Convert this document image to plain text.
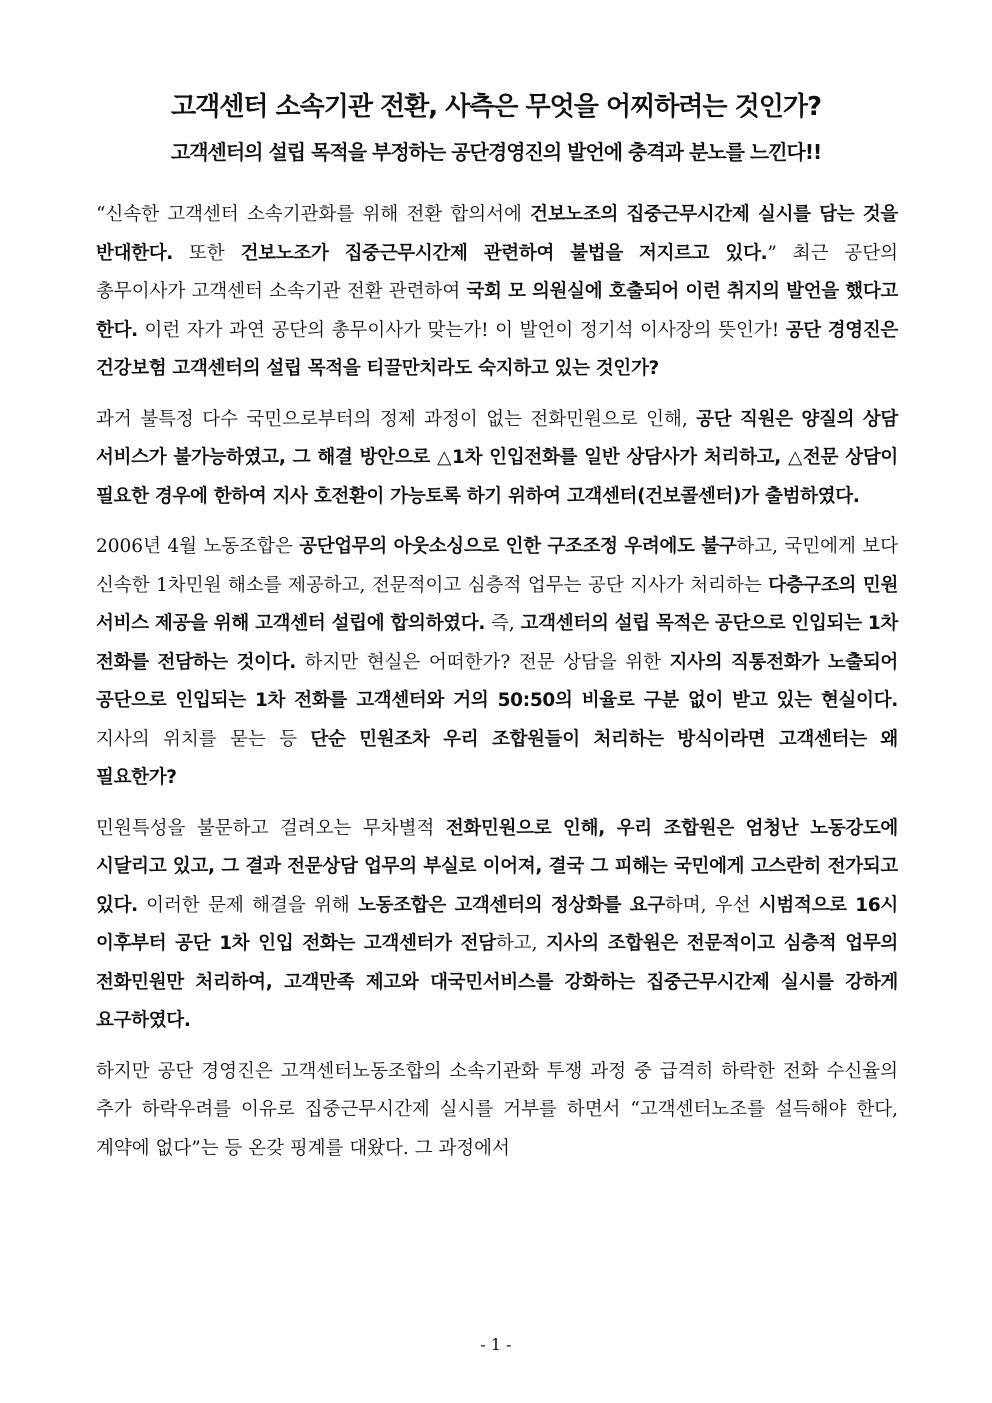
고객센터 소속기관 전환, 사측은 무엇을 어찌하려는 것인가?
고객센터의 설립 목적을 부정하는 공단경영진의 발언에 충격과 분노를 느낀다!!

“신속한 고객센터 소속기관화를 위해 전환 합의서에 건보노조의 집중근무시간제 실시를 담는 것을 반대한다. 또한 건보노조가 집중근무시간제 관련하여 불법을 저지르고 있다.” 최근 공단의 총무이사가 고객센터 소속기관 전환 관련하여 국회 모 의원실에 호출되어 이런 취지의 발언을 했다고 한다. 이런 자가 과연 공단의 총무이사가 맞는가! 이 발언이 정기석 이사장의 뜻인가! 공단 경영진은 건강보험 고객센터의 설립 목적을 티끌만치라도 숙지하고 있는 것인가?

과거 불특정 다수 국민으로부터의 정제 과정이 없는 전화민원으로 인해, 공단 직원은 양질의 상담 서비스가 불가능하였고, 그 해결 방안으로 △1차 인입전화를 일반 상담사가 처리하고, △전문 상담이 필요한 경우에 한하여 지사 호전환이 가능토록 하기 위하여 고객센터(건보콜센터)가 출범하였다.

2006년 4월 노동조합은 공단업무의 아웃소싱으로 인한 구조조정 우려에도 불구하고, 국민에게 보다 신속한 1차민원 해소를 제공하고, 전문적이고 심층적 업무는 공단 지사가 처리하는 다층구조의 민원 서비스 제공을 위해 고객센터 설립에 합의하였다. 즉, 고객센터의 설립 목적은 공단으로 인입되는 1차 전화를 전담하는 것이다. 하지만 현실은 어떠한가? 전문 상담을 위한 지사의 직통전화가 노출되어 공단으로 인입되는 1차 전화를 고객센터와 거의 50:50의 비율로 구분 없이 받고 있는 현실이다. 지사의 위치를 묻는 등 단순 민원조차 우리 조합원들이 처리하는 방식이라면 고객센터는 왜 필요한가?

민원특성을 불문하고 걸려오는 무차별적 전화민원으로 인해, 우리 조합원은 엄청난 노동강도에 시달리고 있고, 그 결과 전문상담 업무의 부실로 이어져, 결국 그 피해는 국민에게 고스란히 전가되고 있다. 이러한 문제 해결을 위해 노동조합은 고객센터의 정상화를 요구하며, 우선 시범적으로 16시 이후부터 공단 1차 인입 전화는 고객센터가 전담하고, 지사의 조합원은 전문적이고 심층적 업무의 전화민원만 처리하여, 고객만족 제고와 대국민서비스를 강화하는 집중근무시간제 실시를 강하게 요구하였다.

하지만 공단 경영진은 고객센터노동조합의 소속기관화 투쟁 과정 중 급격히 하락한 전화 수신율의 추가 하락우려를 이유로 집중근무시간제 실시를 거부를 하면서 “고객센터노조를 설득해야 한다, 계약에 없다”는 등 온갖 핑계를 대왔다. 그 과정에서

- 1 -
